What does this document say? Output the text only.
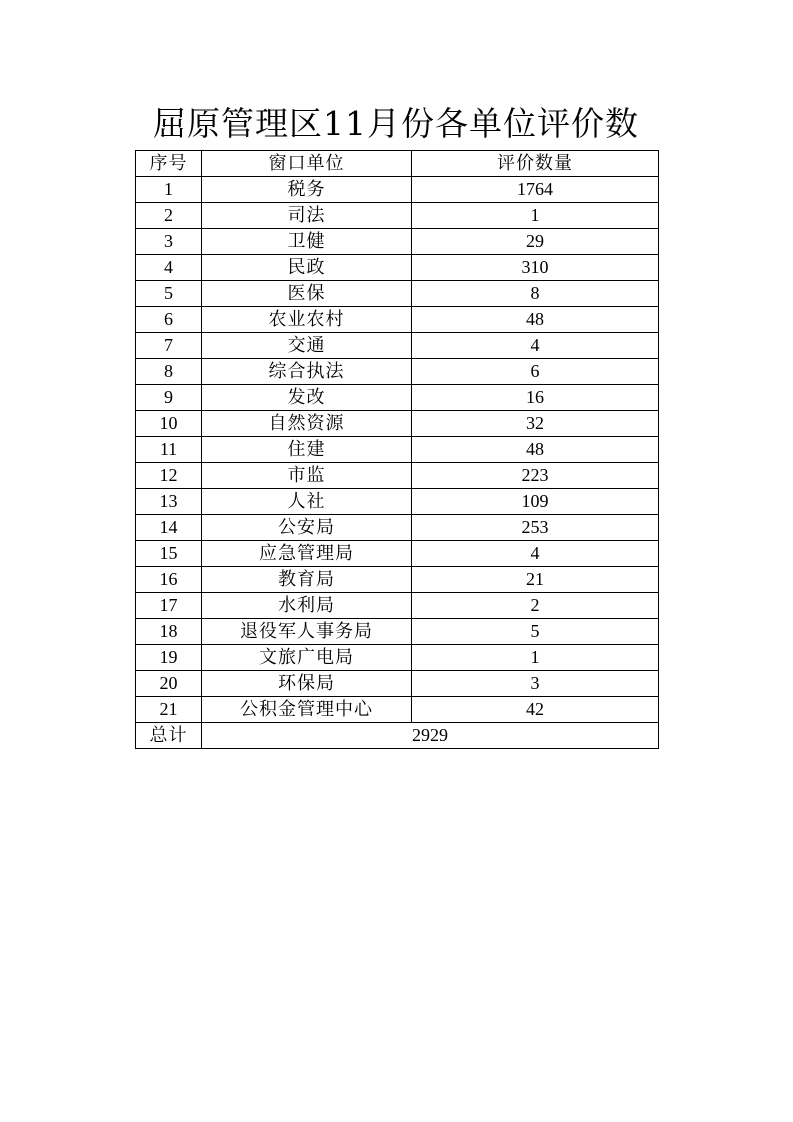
屈原管理区11月份各单位评价数
序号	窗口单位	评价数量
1	税务	1764
2	司法	1
3	卫健	29
4	民政	310
5	医保	8
6	农业农村	48
7	交通	4
8	综合执法	6
9	发改	16
10	自然资源	32
11	住建	48
12	市监	223
13	人社	109
14	公安局	253
15	应急管理局	4
16	教育局	21
17	水利局	2
18	退役军人事务局	5
19	文旅广电局	1
20	环保局	3
21	公积金管理中心	42
总计	2929	
